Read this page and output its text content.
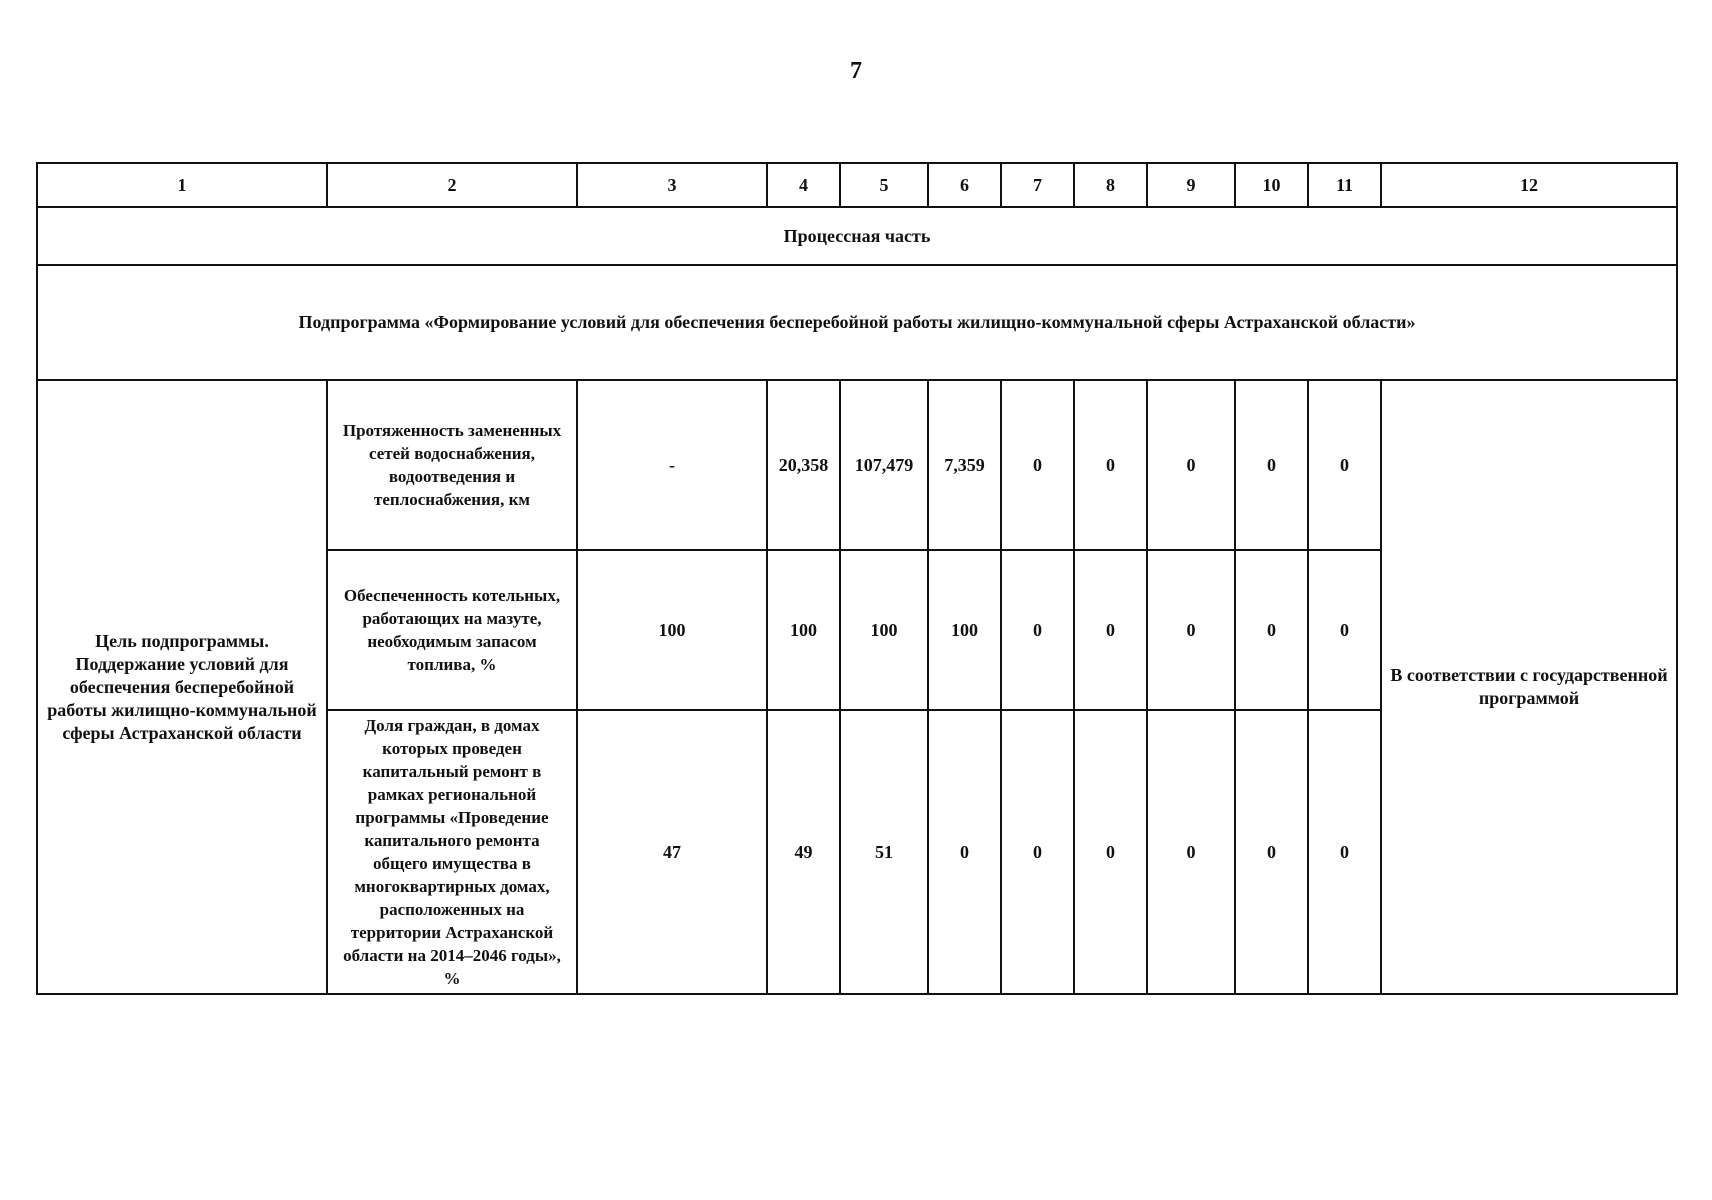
7
1	2	3	4	5	6	7	8	9	10	11	12
Процессная часть											
Подпрограмма «Формирование условий для обеспечения бесперебойной работы жилищно-коммунальной сферы Астраханской области»											
Цель подпрограммы. Поддержание условий для обеспечения бесперебойной работы жилищно-коммунальной сферы Астраханской области	Протяженность замененных сетей водоснабжения, водоотведения и теплоснабжения, км	-	20,358	107,479	7,359	0	0	0	0	0	В соответствии с государственной программой
	Обеспеченность котельных, работающих на мазуте, необходимым запасом топлива, %	100	100	100	100	0	0	0	0	0	
	Доля граждан, в домах которых проведен капитальный ремонт в рамках региональной программы «Проведение капитального ремонта общего имущества в многоквартирных домах, расположенных на территории Астраханской области на 2014–2046 годы», %	47	49	51	0	0	0	0	0	0	
